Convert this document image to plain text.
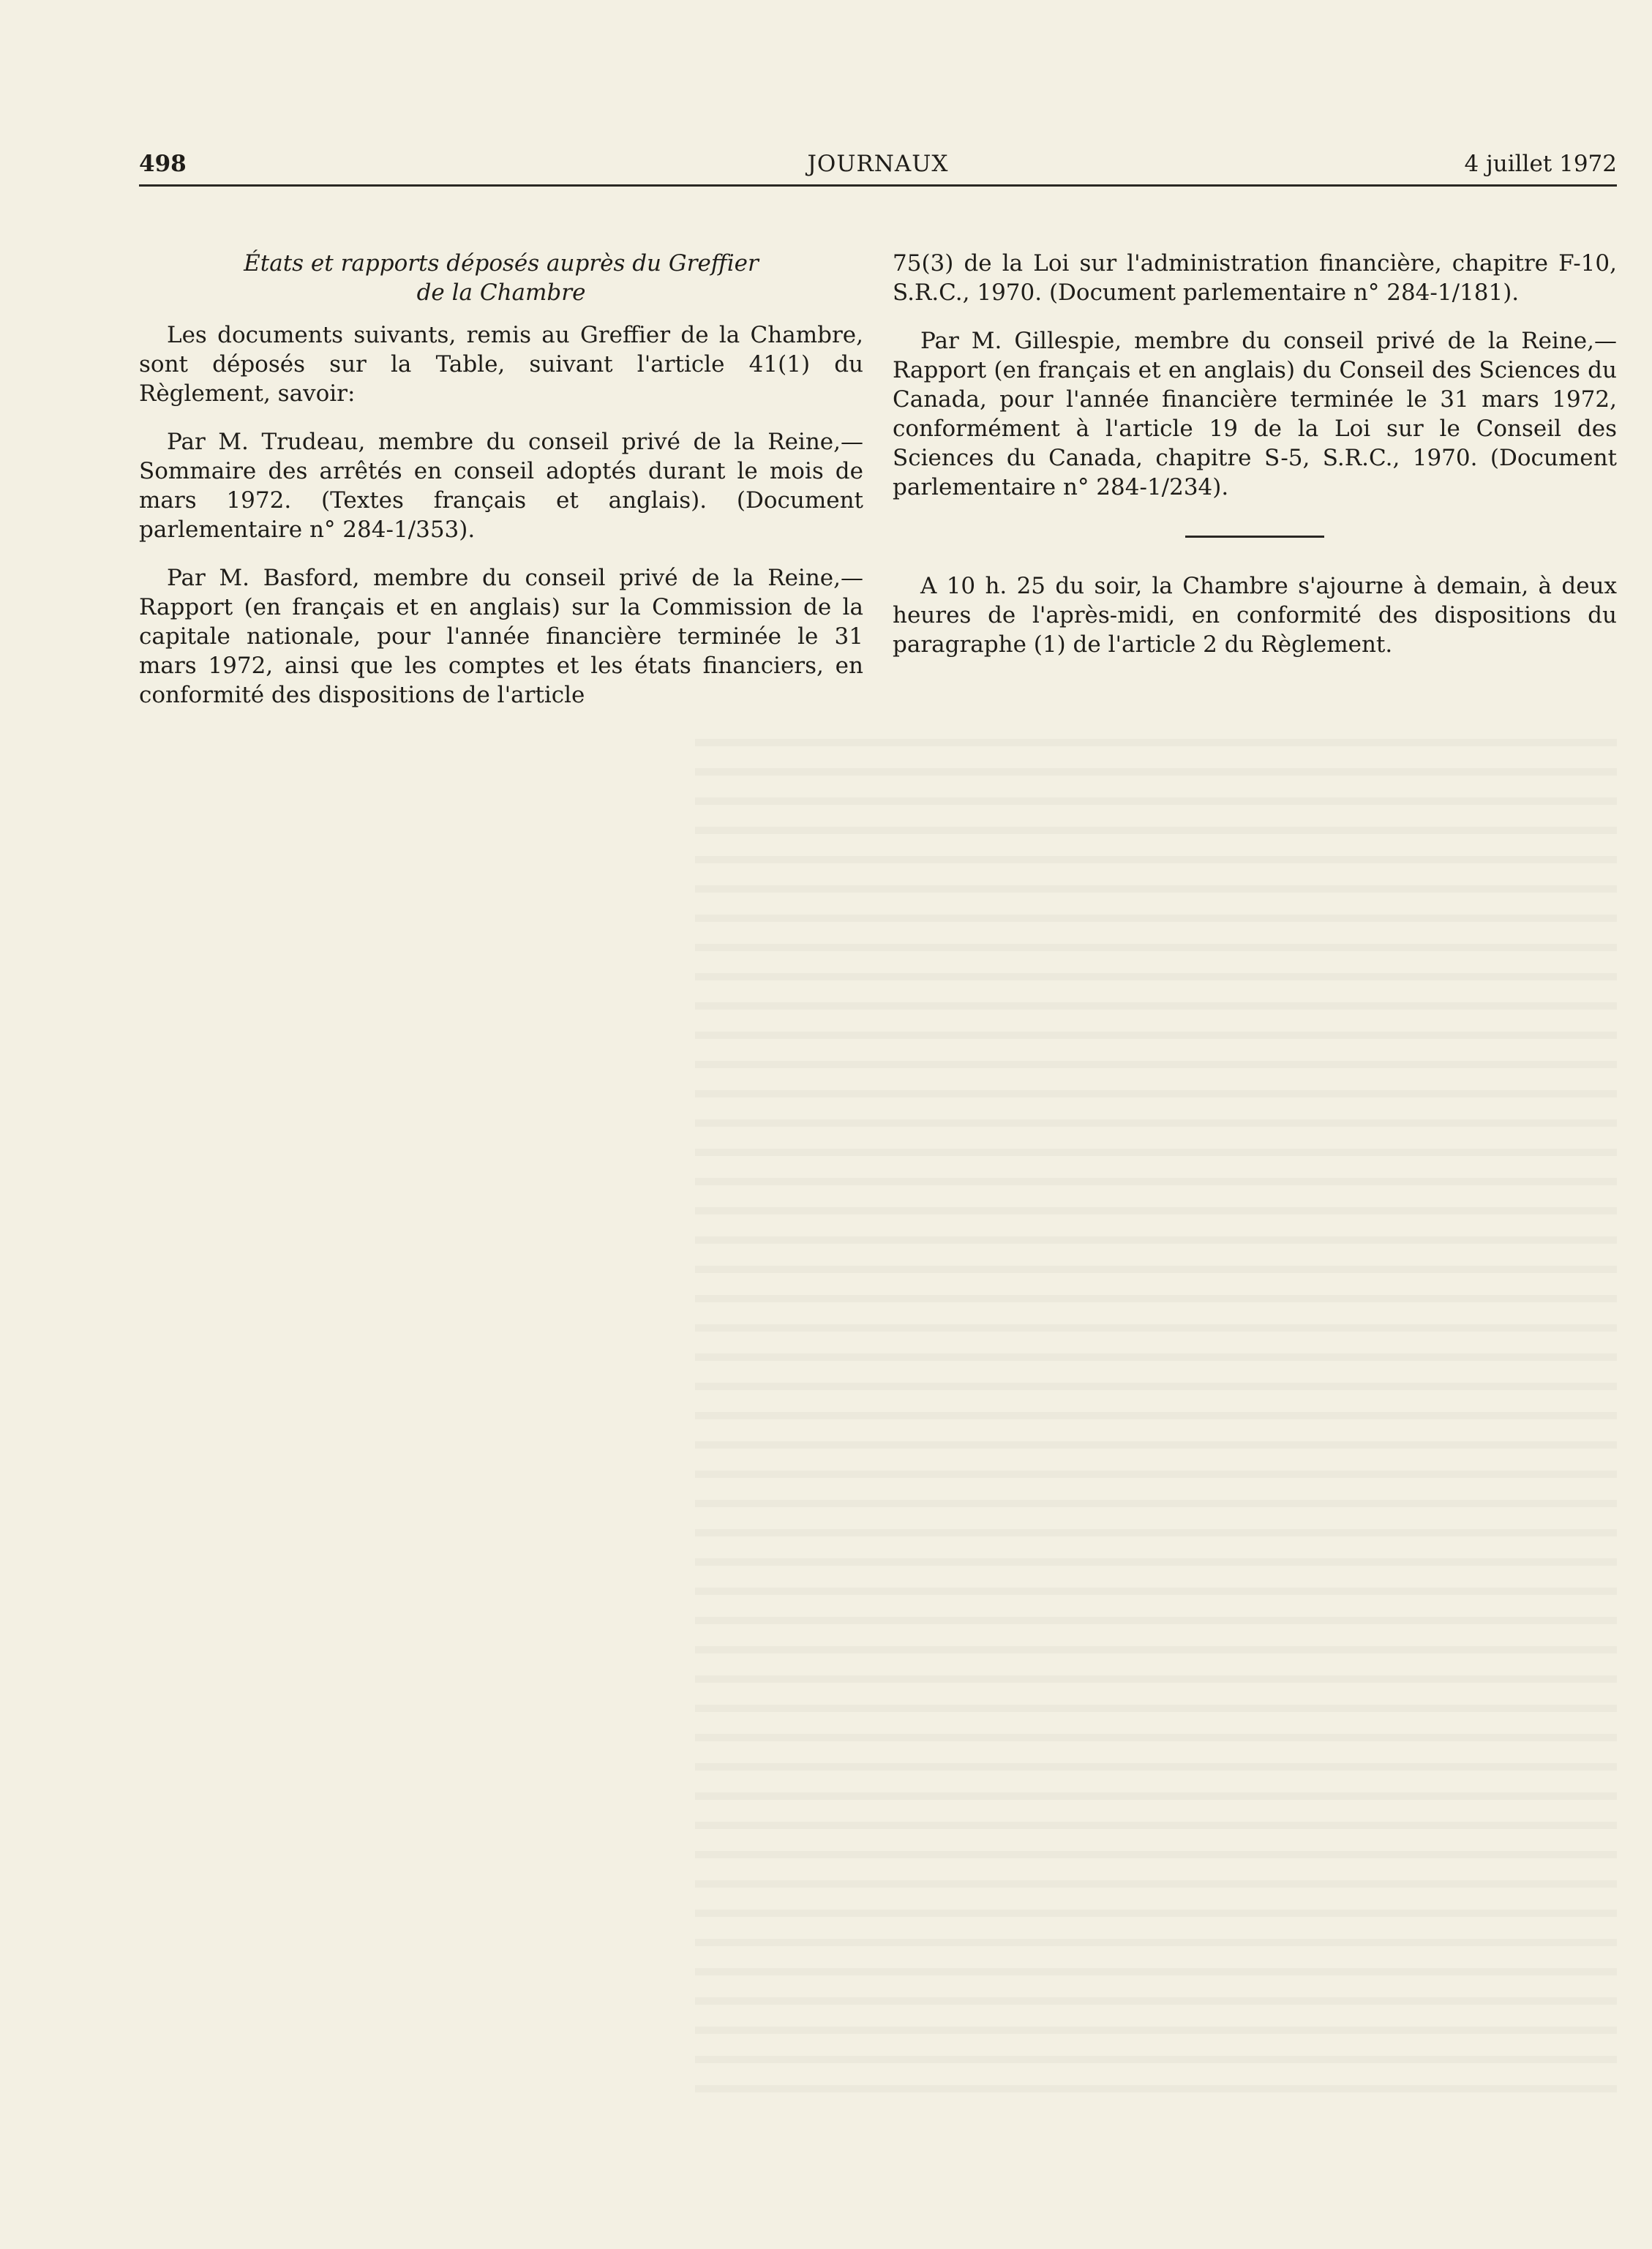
498	JOURNAUX	4 juillet 1972
États et rapports déposés auprès du Greffier
de la Chambre

Les documents suivants, remis au Greffier de la Chambre, sont déposés sur la Table, suivant l'article 41(1) du Règlement, savoir:

Par M. Trudeau, membre du conseil privé de la Reine,—Sommaire des arrêtés en conseil adoptés durant le mois de mars 1972. (Textes français et anglais). (Document parlementaire n° 284-1/353).

Par M. Basford, membre du conseil privé de la Reine,—Rapport (en français et en anglais) sur la Commission de la capitale nationale, pour l'année financière terminée le 31 mars 1972, ainsi que les comptes et les états financiers, en conformité des dispositions de l'article

75(3) de la Loi sur l'administration financière, chapitre F-10, S.R.C., 1970. (Document parlementaire n° 284-1/181).

Par M. Gillespie, membre du conseil privé de la Reine,—Rapport (en français et en anglais) du Conseil des Sciences du Canada, pour l'année financière terminée le 31 mars 1972, conformément à l'article 19 de la Loi sur le Conseil des Sciences du Canada, chapitre S-5, S.R.C., 1970. (Document parlementaire n° 284-1/234).

A 10 h. 25 du soir, la Chambre s'ajourne à demain, à deux heures de l'après-midi, en conformité des dispositions du paragraphe (1) de l'article 2 du Règlement.
